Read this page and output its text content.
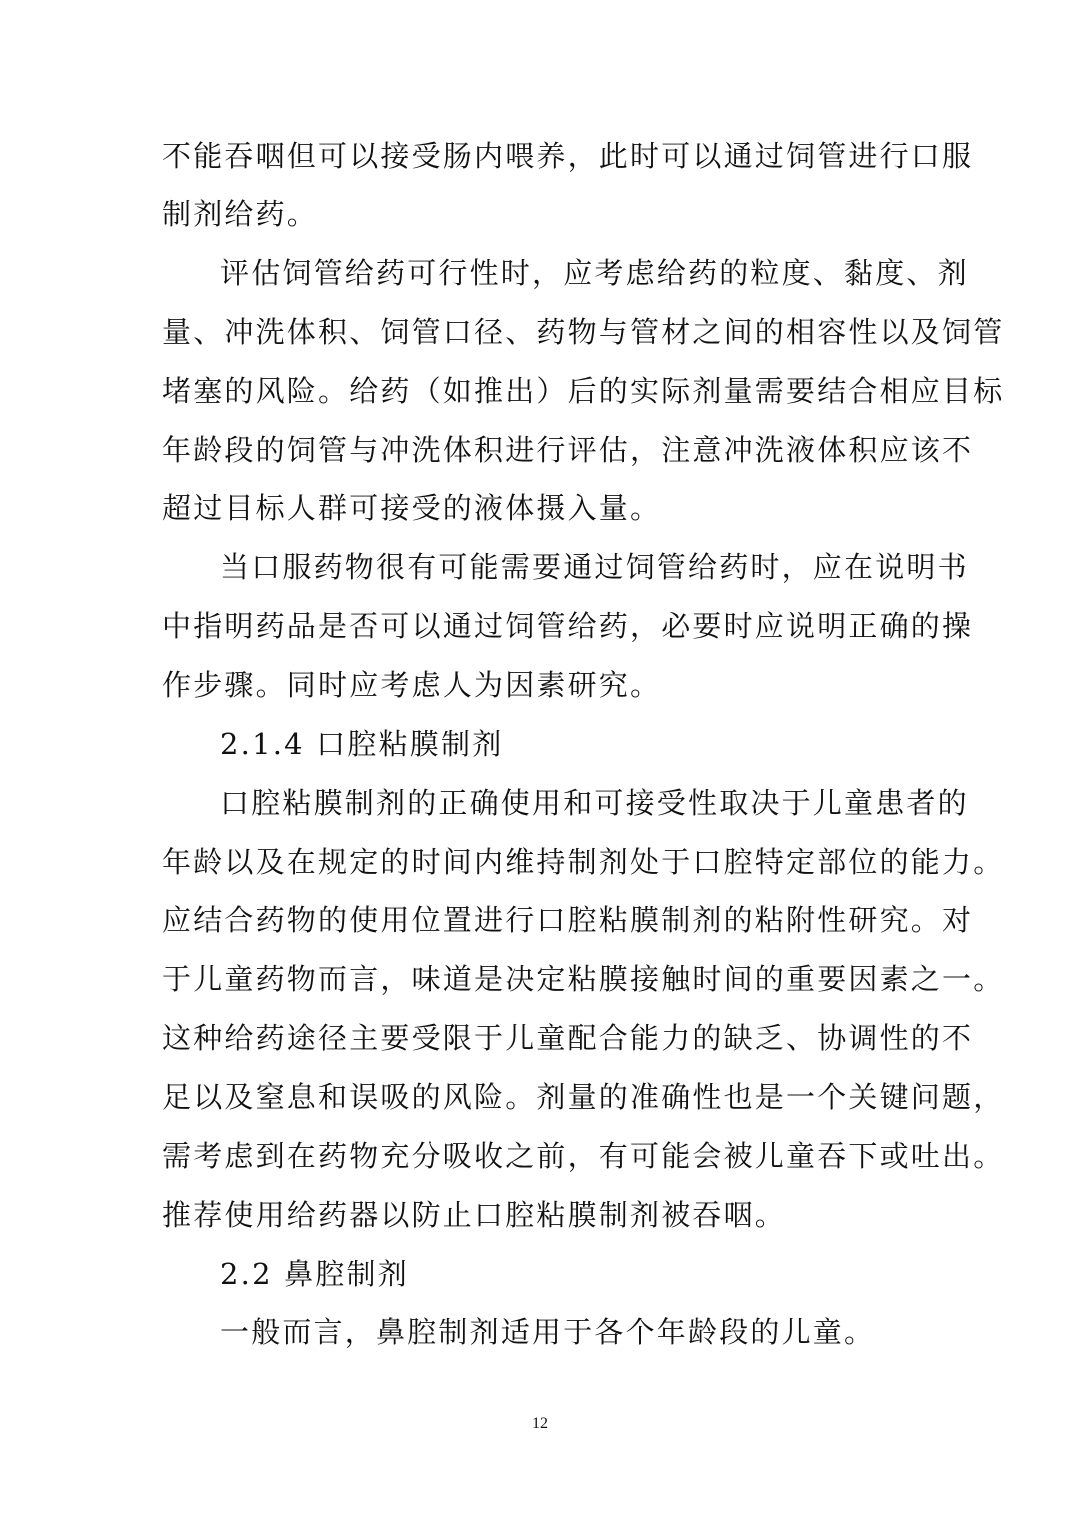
不能吞咽但可以接受肠内喂养，此时可以通过饲管进行口服
制剂给药。
评估饲管给药可行性时，应考虑给药的粒度、黏度、剂
量、冲洗体积、饲管口径、药物与管材之间的相容性以及饲管
堵塞的风险。给药（如推出）后的实际剂量需要结合相应目标
年龄段的饲管与冲洗体积进行评估，注意冲洗液体积应该不
超过目标人群可接受的液体摄入量。
当口服药物很有可能需要通过饲管给药时，应在说明书
中指明药品是否可以通过饲管给药，必要时应说明正确的操
作步骤。同时应考虑人为因素研究。
2.1.4 口腔粘膜制剂
口腔粘膜制剂的正确使用和可接受性取决于儿童患者的
年龄以及在规定的时间内维持制剂处于口腔特定部位的能力。
应结合药物的使用位置进行口腔粘膜制剂的粘附性研究。对
于儿童药物而言，味道是决定粘膜接触时间的重要因素之一。
这种给药途径主要受限于儿童配合能力的缺乏、协调性的不
足以及窒息和误吸的风险。剂量的准确性也是一个关键问题，
需考虑到在药物充分吸收之前，有可能会被儿童吞下或吐出。
推荐使用给药器以防止口腔粘膜制剂被吞咽。
2.2 鼻腔制剂
一般而言，鼻腔制剂适用于各个年龄段的儿童。
12
